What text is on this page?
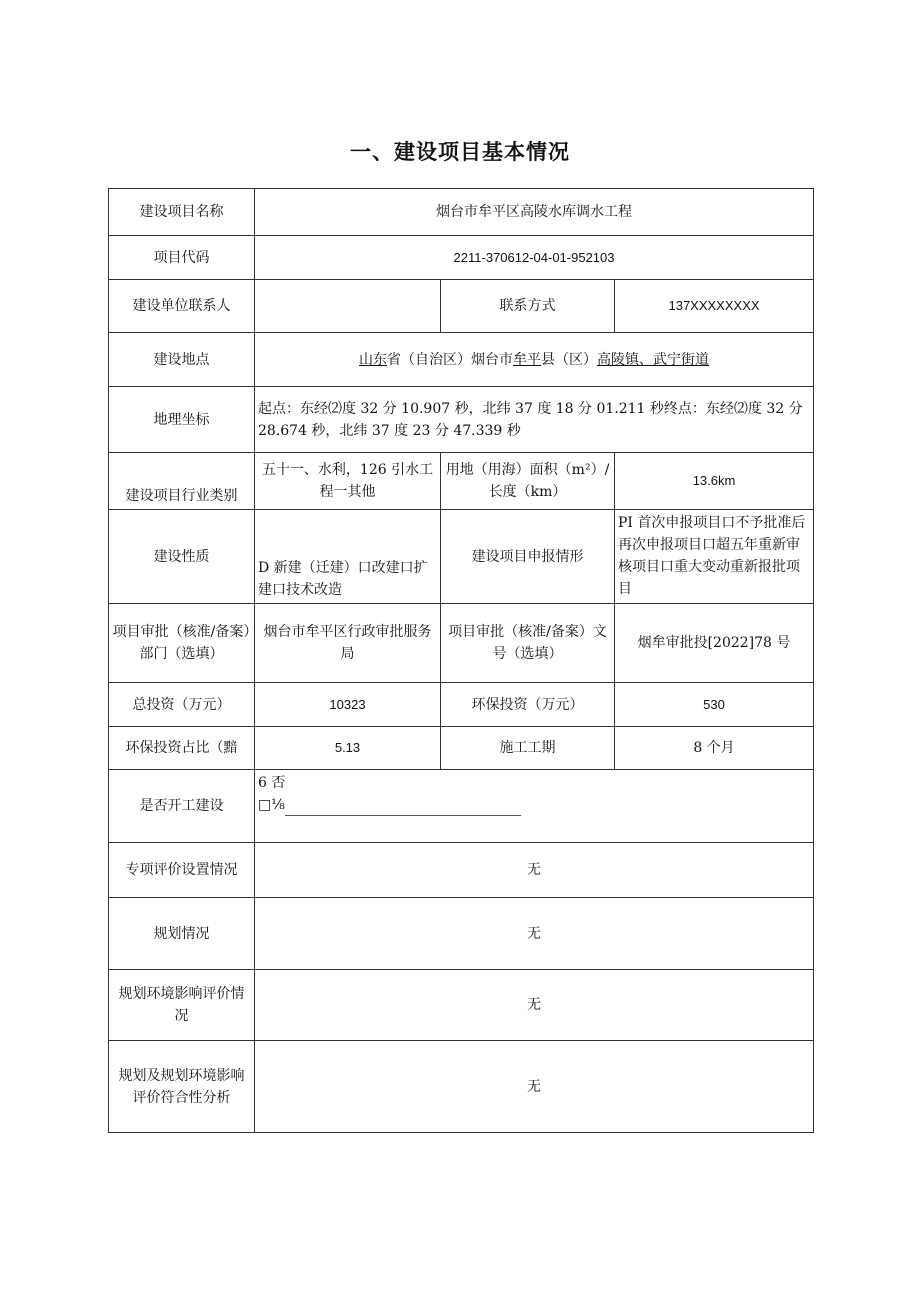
一、建设项目基本情况
建设项目名称	烟台市牟平区高陵水库调水工程		
项目代码	2211-370612-04-01-952103		
建设单位联系人		联系方式	137XXXXXXXX
建设地点	山东省（自治区）烟台市牟平县（区）高陵镇、武宁街道		
地理坐标	起点：东经⑵度 32 分 10.907 秒，北纬 37 度 18 分 01.211 秒终点：东经⑵度 32 分
28.674 秒，北纬 37 度 23 分 47.339 秒		

建设项目行业类别	五十一、水利，126 引水工程一其他	用地（用海）面积（m²）/长度（km）	13.6km
建设性质	D 新建（迁建）口改建口扩建口技术改造	建设项目申报情形	PI 首次申报项目口不予批准后再次申报项目口超五年重新审核项目口重大变动重新报批项目
项目审批（核准/备案）部门（选填）	烟台市牟平区行政审批服务局	项目审批（核准/备案）文号（选填）	烟牟审批投[2022]78 号
总投资（万元）	10323	环保投资（万元）	530
环保投资占比（黯	5.13	施工工期	8 个月
是否开工建设	6 否
□⅛		

专项评价设置情况	无		
规划情况	无		
规划环境影响评价情况	无		
规划及规划环境影响评价符合性分析	无		
